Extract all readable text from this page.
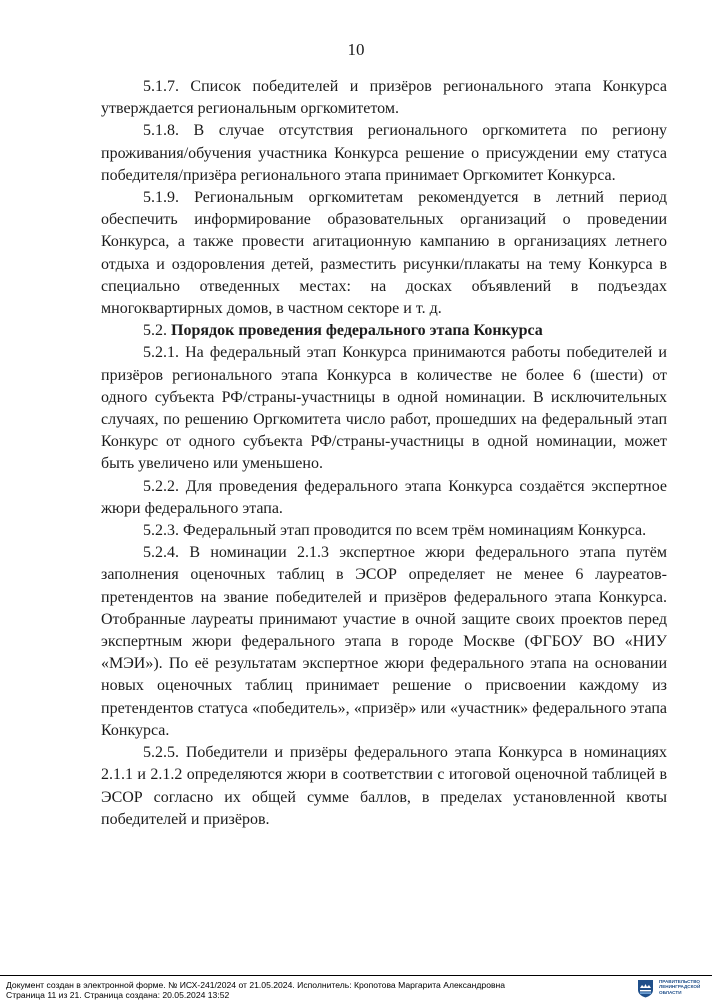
10

5.1.7. Список победителей и призёров регионального этапа Конкурса утверждается региональным оргкомитетом.

5.1.8. В случае отсутствия регионального оргкомитета по региону проживания/обучения участника Конкурса решение о присуждении ему статуса победителя/призёра регионального этапа принимает Оргкомитет Конкурса.

5.1.9. Региональным оргкомитетам рекомендуется в летний период обеспечить информирование образовательных организаций о проведении Конкурса, а также провести агитационную кампанию в организациях летнего отдыха и оздоровления детей, разместить рисунки/плакаты на тему Конкурса в специально отведенных местах: на досках объявлений в подъездах многоквартирных домов, в частном секторе и т. д.

5.2. Порядок проведения федерального этапа Конкурса

5.2.1. На федеральный этап Конкурса принимаются работы победителей и призёров регионального этапа Конкурса в количестве не более 6 (шести) от одного субъекта РФ/страны-участницы в одной номинации. В исключительных случаях, по решению Оргкомитета число работ, прошедших на федеральный этап Конкурс от одного субъекта РФ/страны-участницы в одной номинации, может быть увеличено или уменьшено.

5.2.2. Для проведения федерального этапа Конкурса создаётся экспертное жюри федерального этапа.

5.2.3. Федеральный этап проводится по всем трём номинациям Конкурса.

5.2.4. В номинации 2.1.3 экспертное жюри федерального этапа путём заполнения оценочных таблиц в ЭСОР определяет не менее 6 лауреатов-претендентов на звание победителей и призёров федерального этапа Конкурса. Отобранные лауреаты принимают участие в очной защите своих проектов перед экспертным жюри федерального этапа в городе Москве (ФГБОУ ВО «НИУ «МЭИ»). По её результатам экспертное жюри федерального этапа на основании новых оценочных таблиц принимает решение о присвоении каждому из претендентов статуса «победитель», «призёр» или «участник» федерального этапа Конкурса.

5.2.5. Победители и призёры федерального этапа Конкурса в номинациях 2.1.1 и 2.1.2 определяются жюри в соответствии с итоговой оценочной таблицей в ЭСОР согласно их общей сумме баллов, в пределах установленной квоты победителей и призёров.

Документ создан в электронной форме. № ИСХ-241/2024 от 21.05.2024. Исполнитель: Кропотова Маргарита Александровна
Страница 11 из 21. Страница создана: 20.05.2024 13:52
ПРАВИТЕЛЬСТВО ЛЕНИНГРАДСКОЙ ОБЛАСТИ
